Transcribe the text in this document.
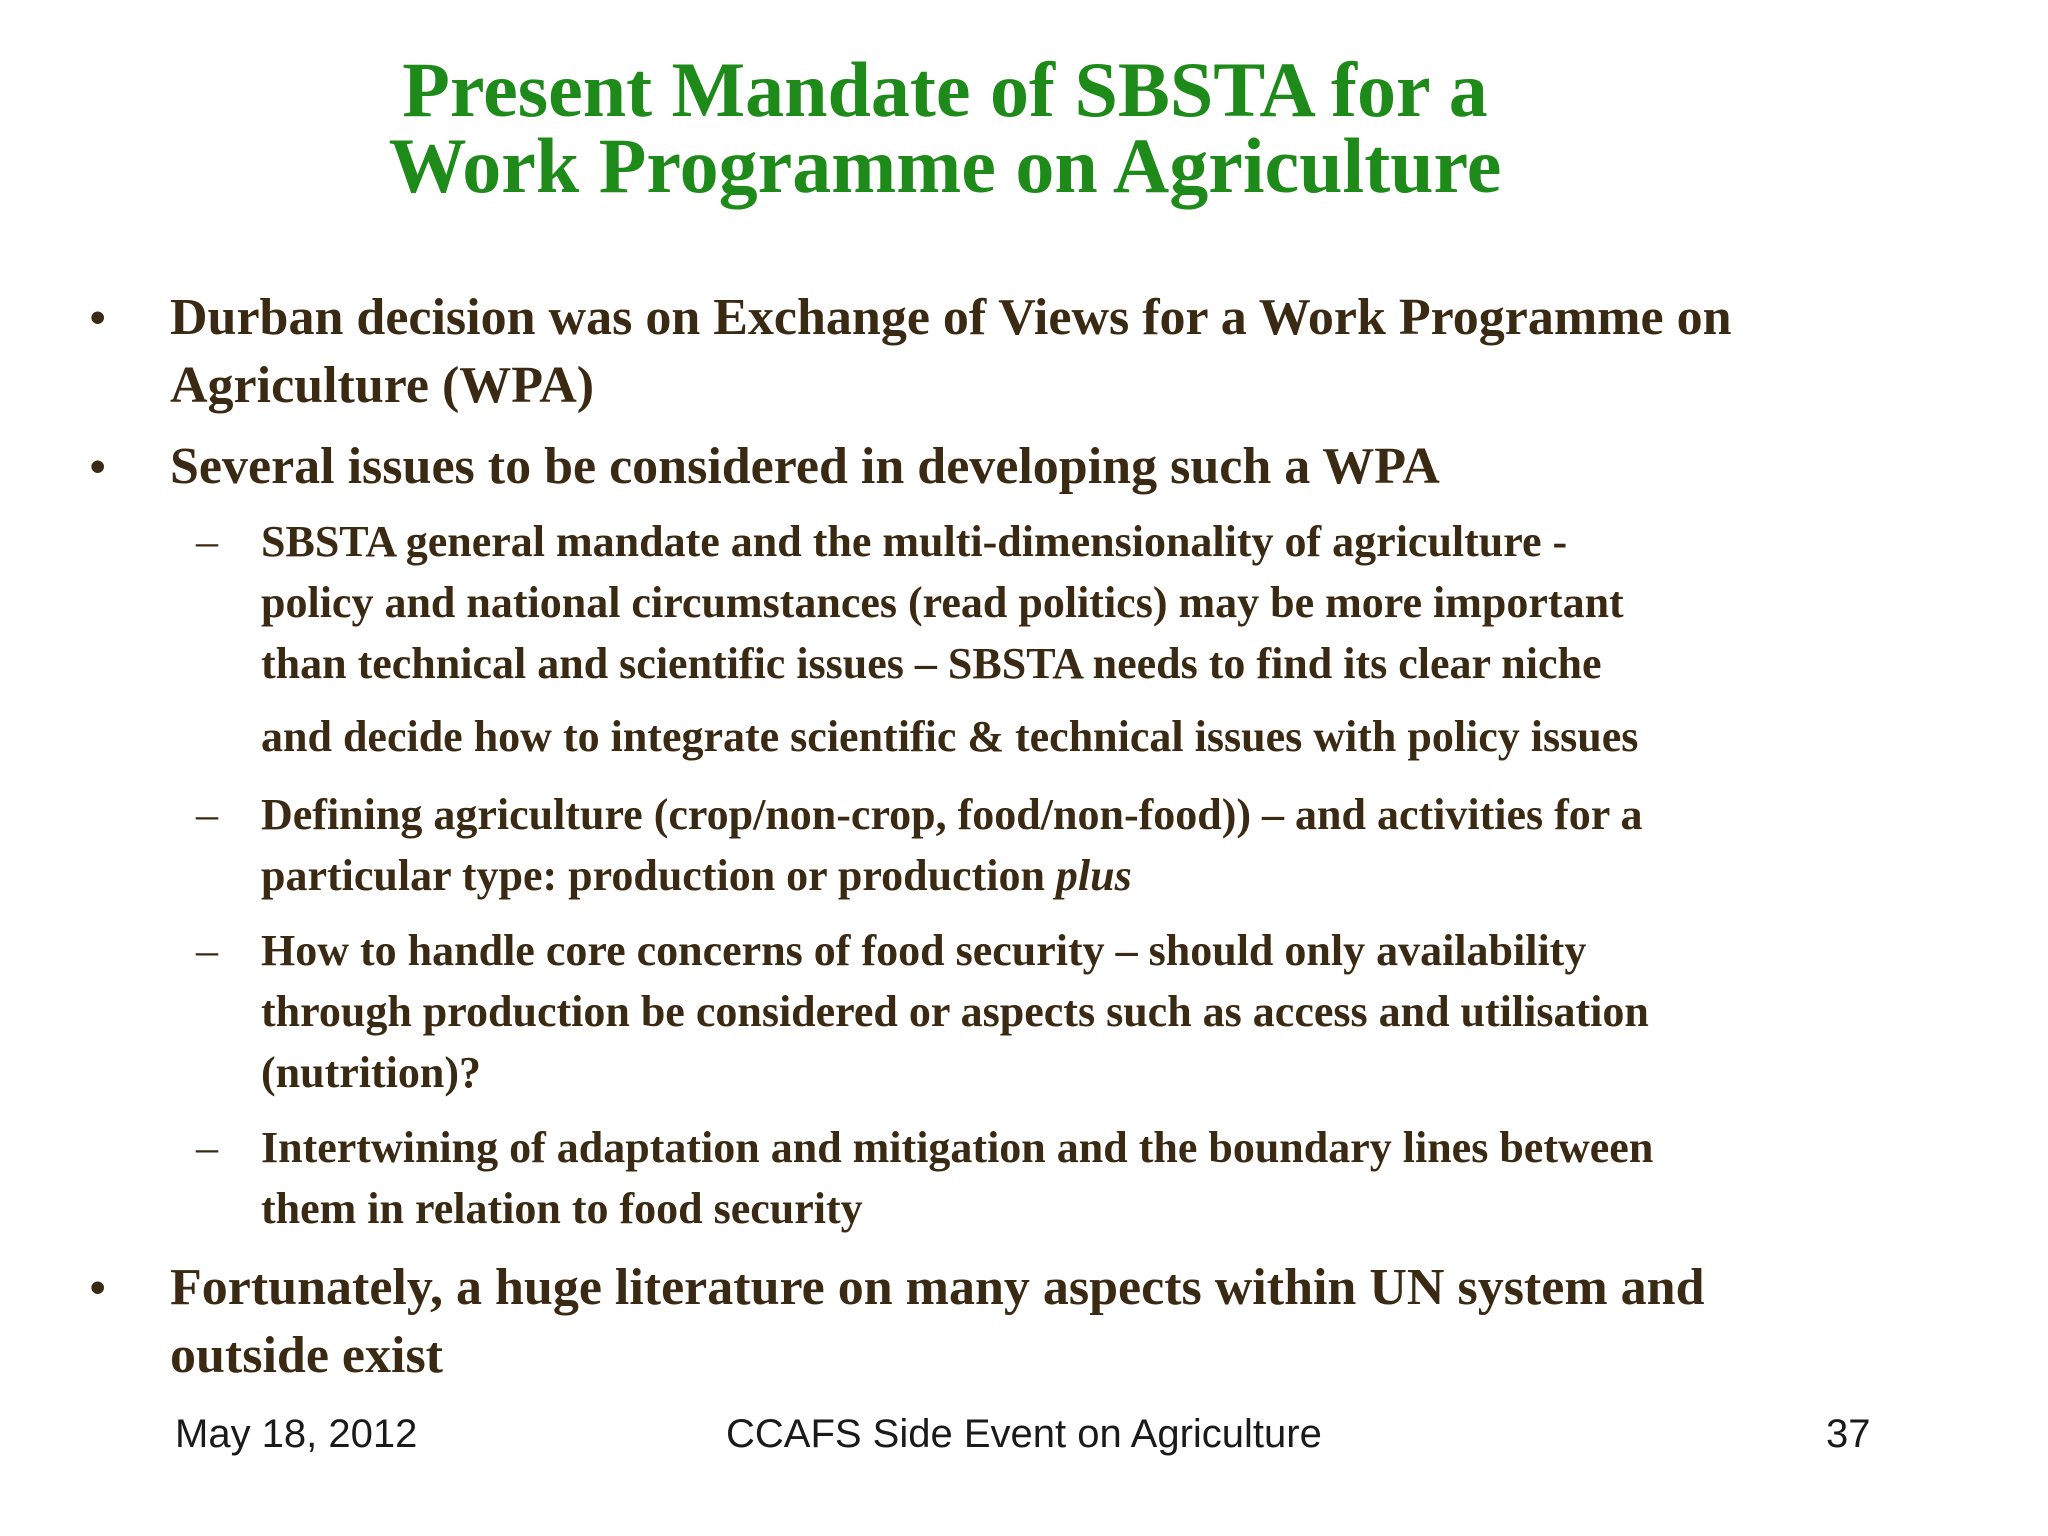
Present Mandate of SBSTA for a
Work Programme on Agriculture
• Durban decision was on Exchange of Views for a Work Programme on
Agriculture (WPA)
• Several issues to be considered in developing such a WPA
– SBSTA general mandate and the multi-dimensionality of agriculture -
policy and national circumstances (read politics) may be more important
than technical and scientific issues – SBSTA needs to find its clear niche
and decide how to integrate scientific & technical issues with policy issues
– Defining agriculture (crop/non-crop, food/non-food)) – and activities for a
particular type: production or production plus
– How to handle core concerns of food security – should only availability
through production be considered or aspects such as access and utilisation
(nutrition)?
– Intertwining of adaptation and mitigation and the boundary lines between
them in relation to food security
• Fortunately, a huge literature on many aspects within UN system and
outside exist
May 18, 2012	CCAFS Side Event on Agriculture	37
